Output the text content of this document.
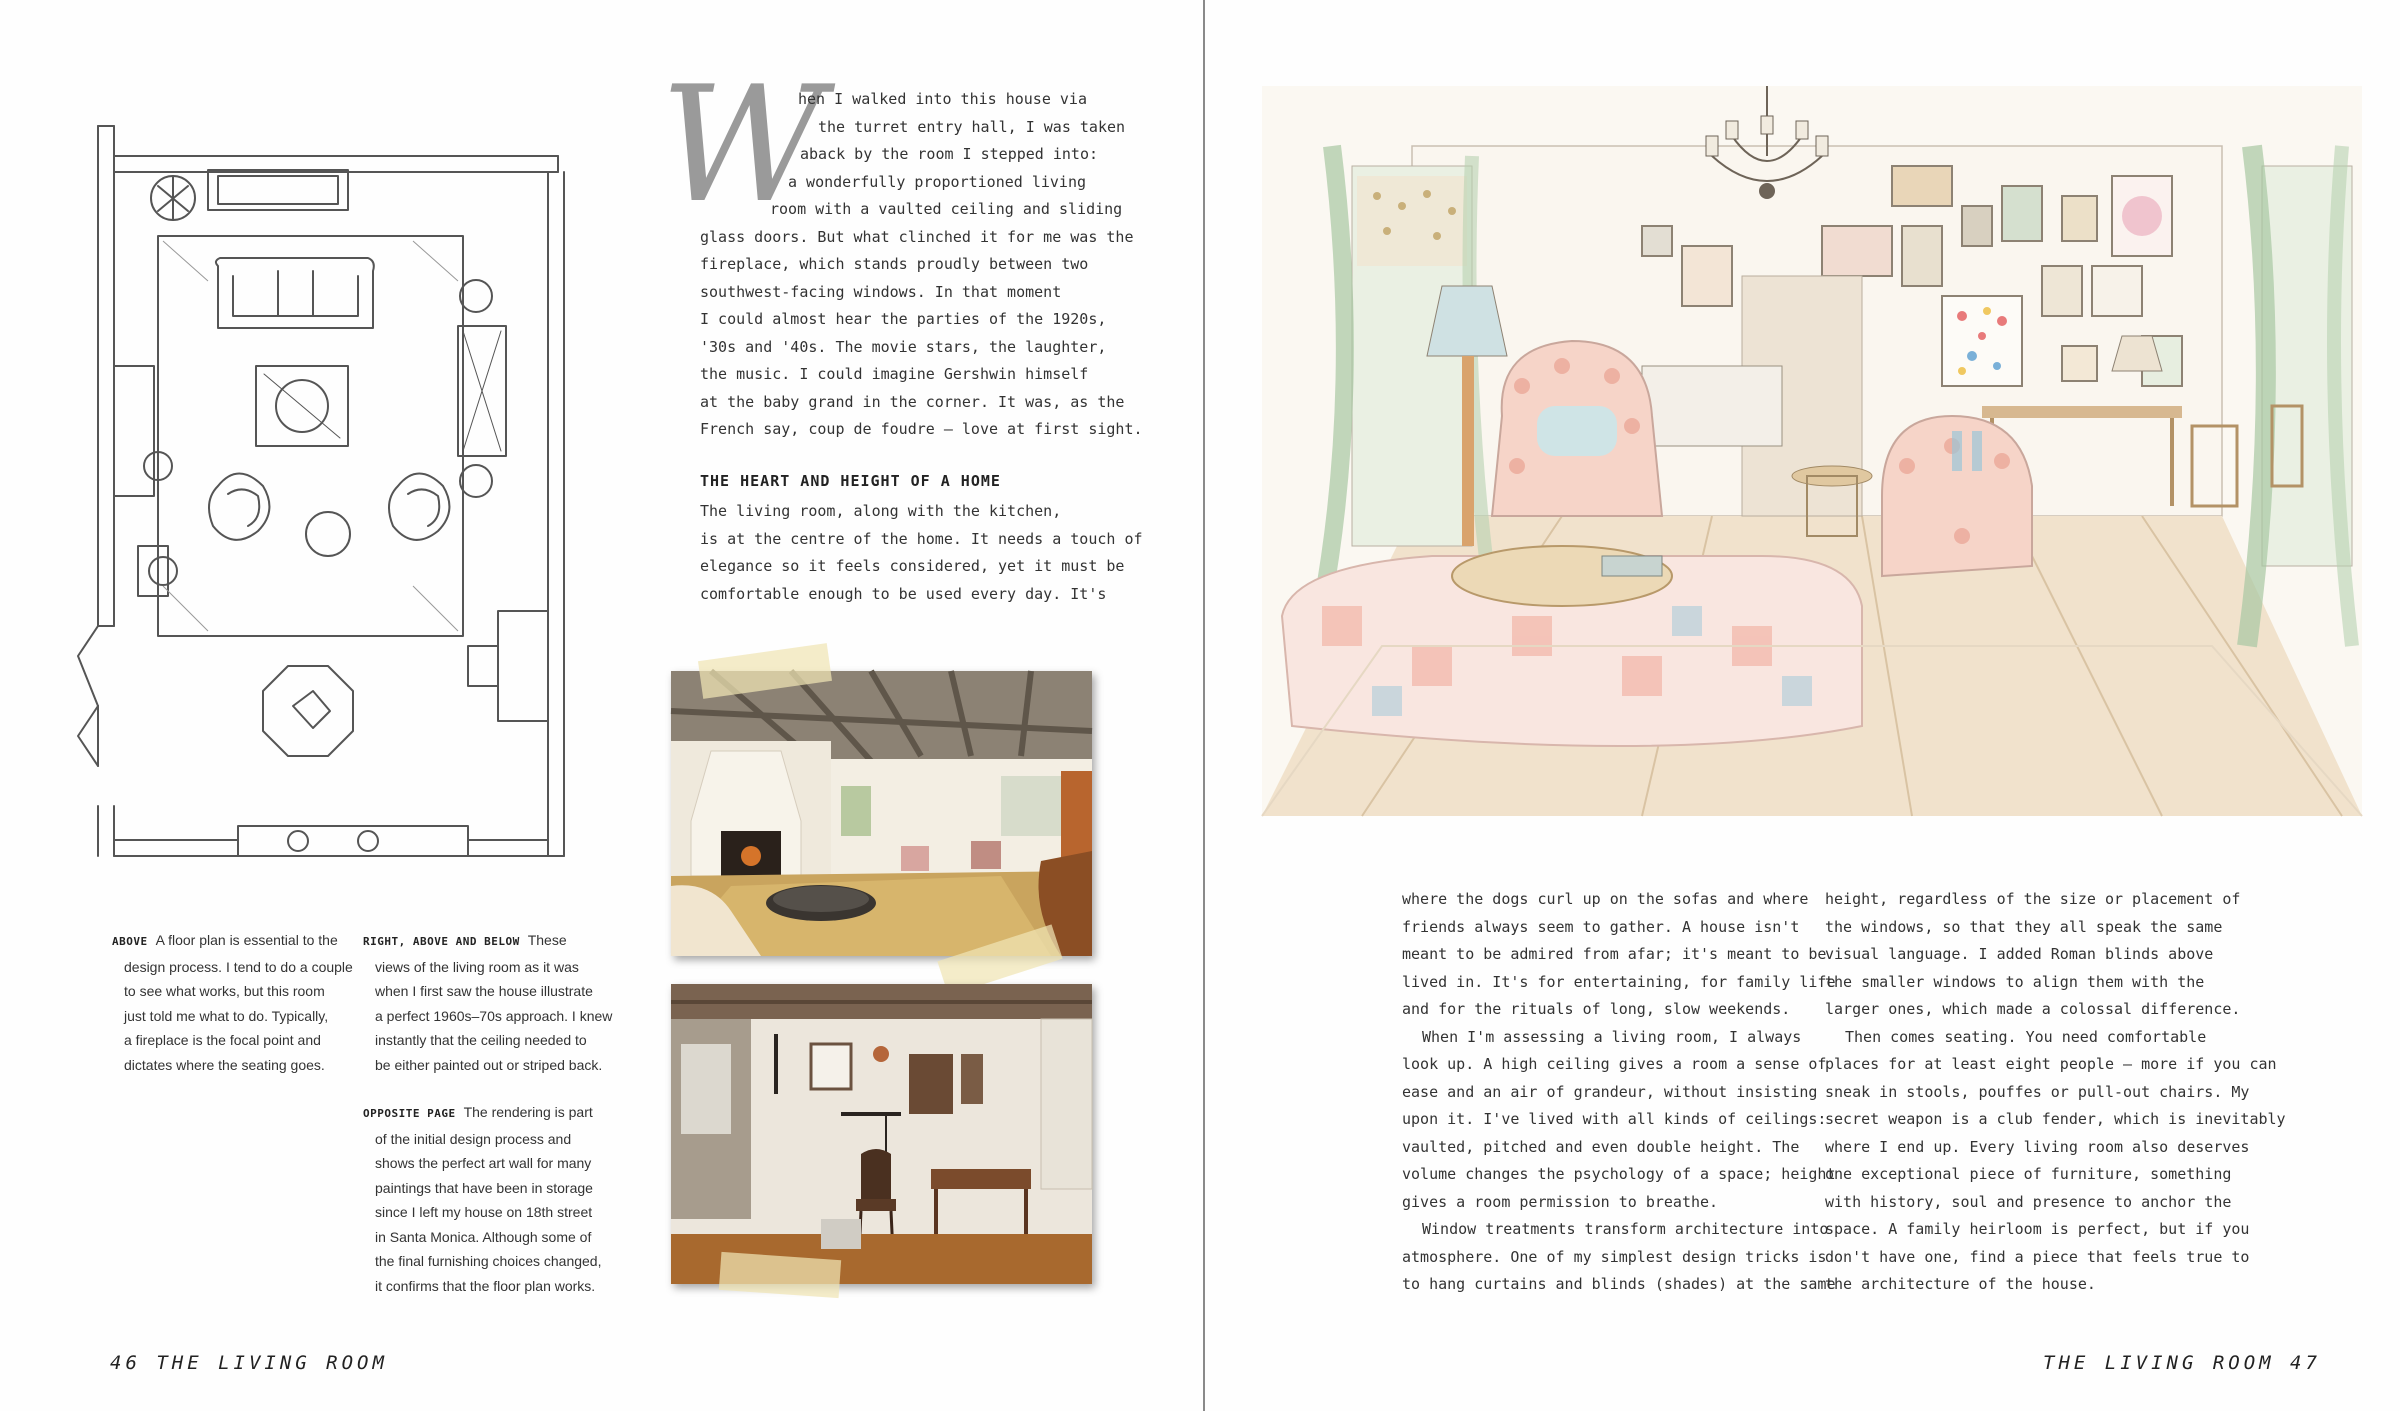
W
hen I walked into this house via
the turret entry hall, I was taken
aback by the room I stepped into:
a wonderfully proportioned living
room with a vaulted ceiling and sliding
glass doors. But what clinched it for me was the
fireplace, which stands proudly between two
southwest-facing windows. In that moment
I could almost hear the parties of the 1920s,
'30s and '40s. The movie stars, the laughter,
the music. I could imagine Gershwin himself
at the baby grand in the corner. It was, as the
French say, coup de foudre – love at first sight.
THE HEART AND HEIGHT OF A HOME
The living room, along with the kitchen,
is at the centre of the home. It needs a touch of
elegance so it feels considered, yet it must be
comfortable enough to be used every day. It's
ABOVE A floor plan is essential to the
design process. I tend to do a couple
to see what works, but this room
just told me what to do. Typically,
a fireplace is the focal point and
dictates where the seating goes.
RIGHT, ABOVE AND BELOW These
views of the living room as it was
when I first saw the house illustrate
a perfect 1960s–70s approach. I knew
instantly that the ceiling needed to
be either painted out or striped back.
OPPOSITE PAGE The rendering is part
of the initial design process and
shows the perfect art wall for many
paintings that have been in storage
since I left my house on 18th street
in Santa Monica. Although some of
the final furnishing choices changed,
it confirms that the floor plan works.
46 THE LIVING ROOM
where the dogs curl up on the sofas and where
friends always seem to gather. A house isn't
meant to be admired from afar; it's meant to be
lived in. It's for entertaining, for family life
and for the rituals of long, slow weekends.
When I'm assessing a living room, I always
look up. A high ceiling gives a room a sense of
ease and an air of grandeur, without insisting
upon it. I've lived with all kinds of ceilings:
vaulted, pitched and even double height. The
volume changes the psychology of a space; height
gives a room permission to breathe.
Window treatments transform architecture into
atmosphere. One of my simplest design tricks is
to hang curtains and blinds (shades) at the same
height, regardless of the size or placement of
the windows, so that they all speak the same
visual language. I added Roman blinds above
the smaller windows to align them with the
larger ones, which made a colossal difference.
Then comes seating. You need comfortable
places for at least eight people – more if you can
sneak in stools, pouffes or pull-out chairs. My
secret weapon is a club fender, which is inevitably
where I end up. Every living room also deserves
one exceptional piece of furniture, something
with history, soul and presence to anchor the
space. A family heirloom is perfect, but if you
don't have one, find a piece that feels true to
the architecture of the house.
THE LIVING ROOM 47
